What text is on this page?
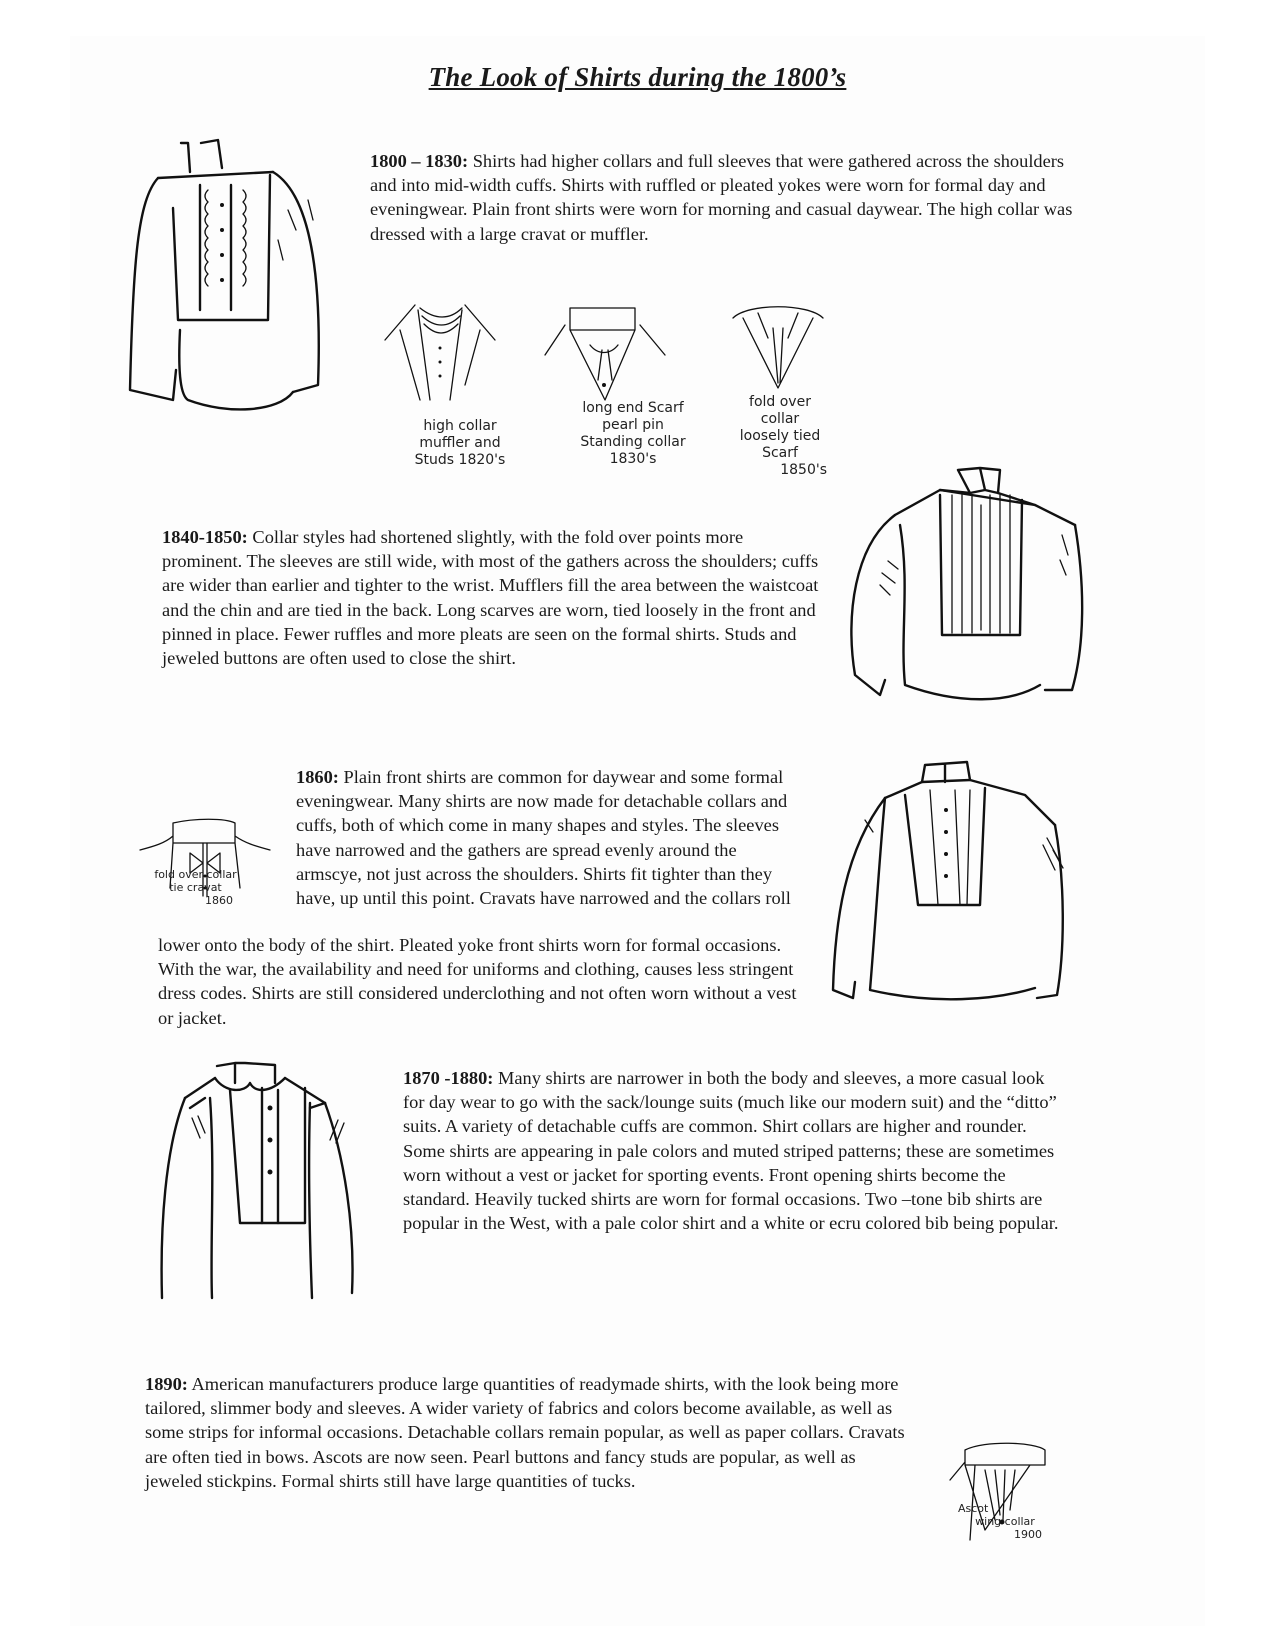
The Look of Shirts during the 1800’s
1800 – 1830: Shirts had higher collars and full sleeves that were gathered across the shoulders and into mid-width cuffs. Shirts with ruffled or pleated yokes were worn for formal day and eveningwear. Plain front shirts were worn for morning and casual daywear. The high collar was dressed with a large cravat or muffler.
high collar
muffler and
Studs 1820's
long end Scarf
pearl pin
Standing collar
1830's
fold over
collar
loosely tied
Scarf
1850's
1840-1850: Collar styles had shortened slightly, with the fold over points more prominent. The sleeves are still wide, with most of the gathers across the shoulders; cuffs are wider than earlier and tighter to the wrist. Mufflers fill the area between the waistcoat and the chin and are tied in the back. Long scarves are worn, tied loosely in the front and pinned in place. Fewer ruffles and more pleats are seen on the formal shirts. Studs and jeweled buttons are often used to close the shirt.
fold over collar
tie cravat
1860
1860: Plain front shirts are common for daywear and some formal eveningwear. Many shirts are now made for detachable collars and cuffs, both of which come in many shapes and styles. The sleeves have narrowed and the gathers are spread evenly around the armscye, not just across the shoulders. Shirts fit tighter than they have, up until this point. Cravats have narrowed and the collars roll
lower onto the body of the shirt. Pleated yoke front shirts worn for formal occasions. With the war, the availability and need for uniforms and clothing, causes less stringent dress codes. Shirts are still considered underclothing and not often worn without a vest or jacket.
1870 -1880: Many shirts are narrower in both the body and sleeves, a more casual look for day wear to go with the sack/lounge suits (much like our modern suit) and the “ditto” suits. A variety of detachable cuffs are common. Shirt collars are higher and rounder. Some shirts are appearing in pale colors and muted striped patterns; these are sometimes worn without a vest or jacket for sporting events. Front opening shirts become the standard. Heavily tucked shirts are worn for formal occasions. Two –tone bib shirts are popular in the West, with a pale color shirt and a white or ecru colored bib being popular.
1890: American manufacturers produce large quantities of readymade shirts, with the look being more tailored, slimmer body and sleeves. A wider variety of fabrics and colors become available, as well as some strips for informal occasions. Detachable collars remain popular, as well as paper collars. Cravats are often tied in bows. Ascots are now seen. Pearl buttons and fancy studs are popular, as well as jeweled stickpins. Formal shirts still have large quantities of tucks.
Ascot
wing collar
1900
